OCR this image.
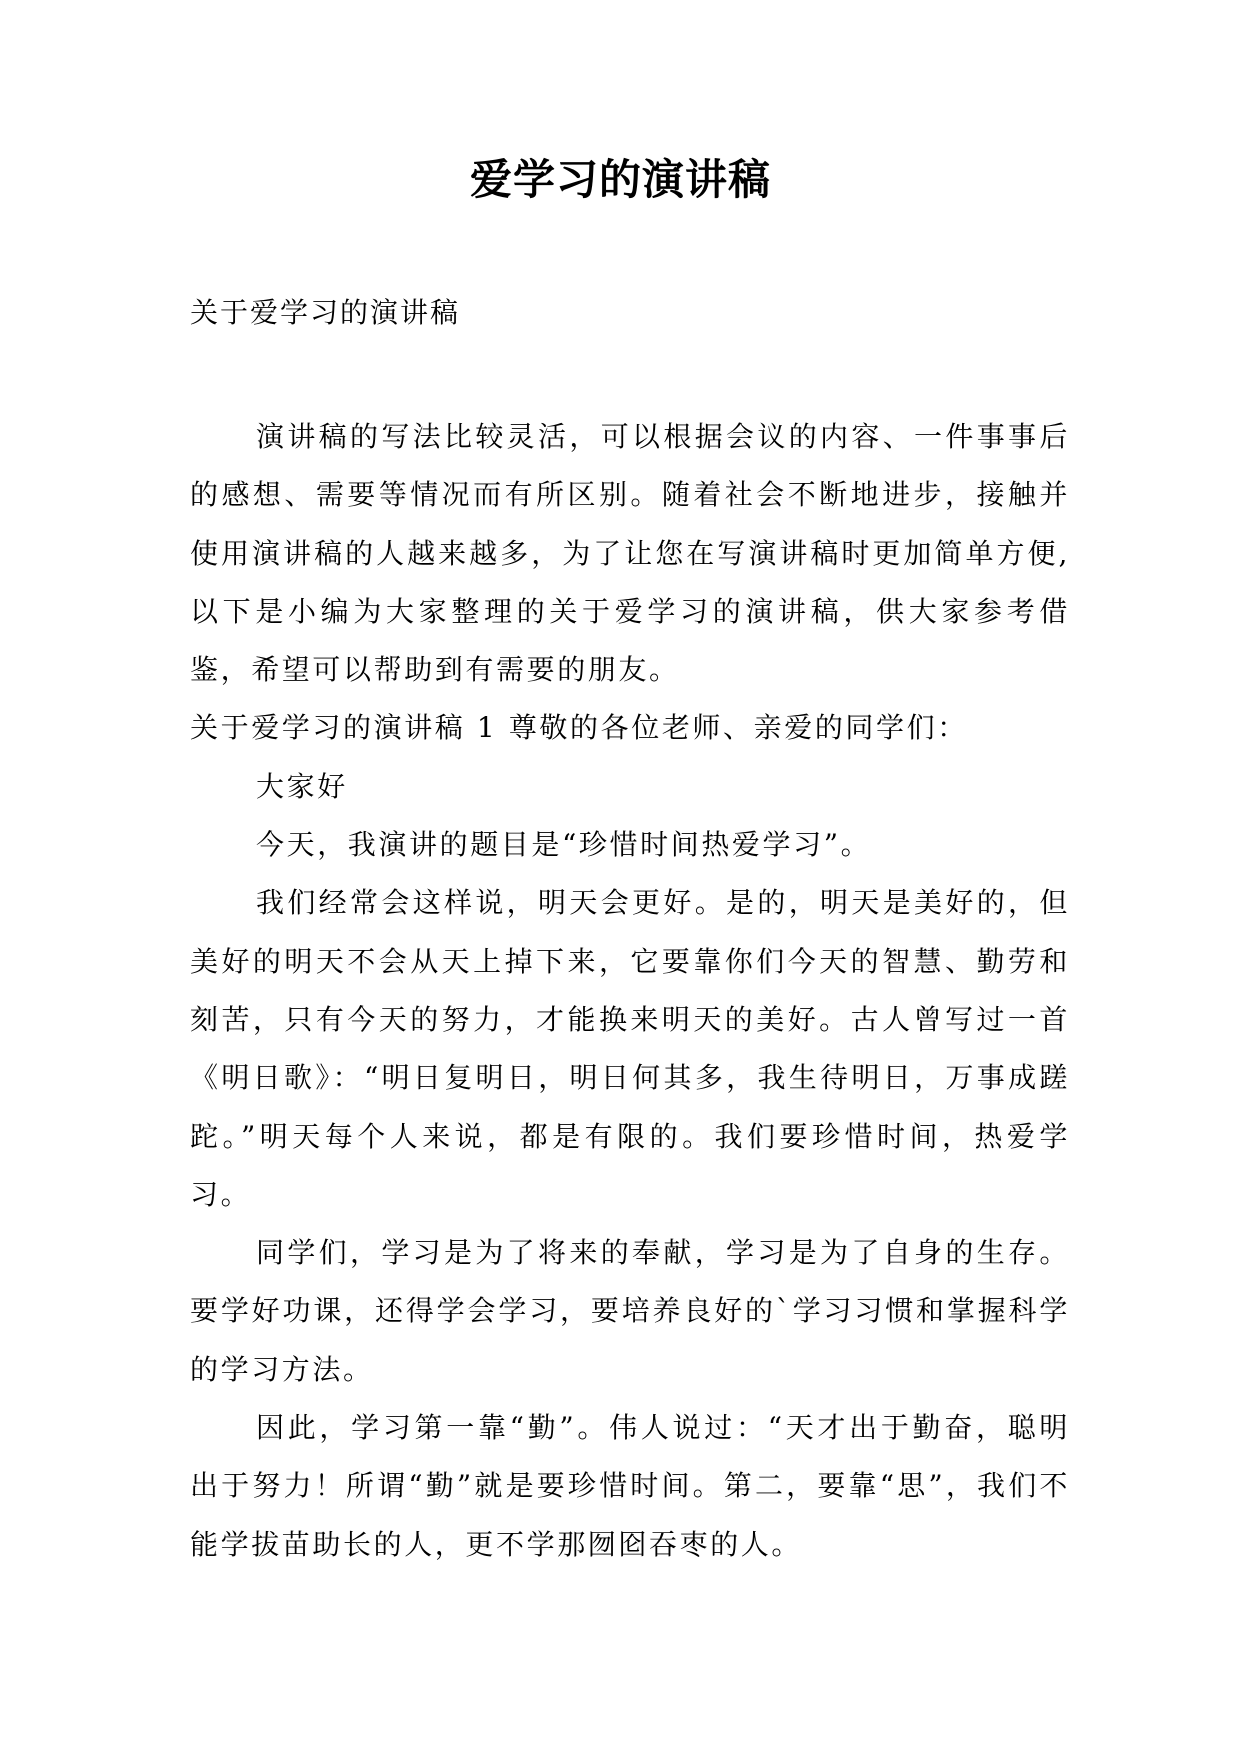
爱学习的演讲稿

关于爱学习的演讲稿

演讲稿的写法比较灵活，可以根据会议的内容、一件事事后的感想、需要等情况而有所区别。随着社会不断地进步，接触并使用演讲稿的人越来越多，为了让您在写演讲稿时更加简单方便,以下是小编为大家整理的关于爱学习的演讲稿，供大家参考借鉴，希望可以帮助到有需要的朋友。

关于爱学习的演讲稿 1 尊敬的各位老师、亲爱的同学们：

大家好

今天，我演讲的题目是“珍惜时间热爱学习”。

我们经常会这样说，明天会更好。是的，明天是美好的，但美好的明天不会从天上掉下来，它要靠你们今天的智慧、勤劳和刻苦，只有今天的努力，才能换来明天的美好。古人曾写过一首《明日歌》：“明日复明日，明日何其多，我生待明日，万事成蹉跎。”明天每个人来说，都是有限的。我们要珍惜时间，热爱学习。

同学们，学习是为了将来的奉献，学习是为了自身的生存。要学好功课，还得学会学习，要培养良好的`学习习惯和掌握科学的学习方法。

因此，学习第一靠“勤”。伟人说过：“天才出于勤奋，聪明出于努力！所谓“勤”就是要珍惜时间。第二，要靠“思”，我们不能学拔苗助长的人，更不学那囫囵吞枣的人。
